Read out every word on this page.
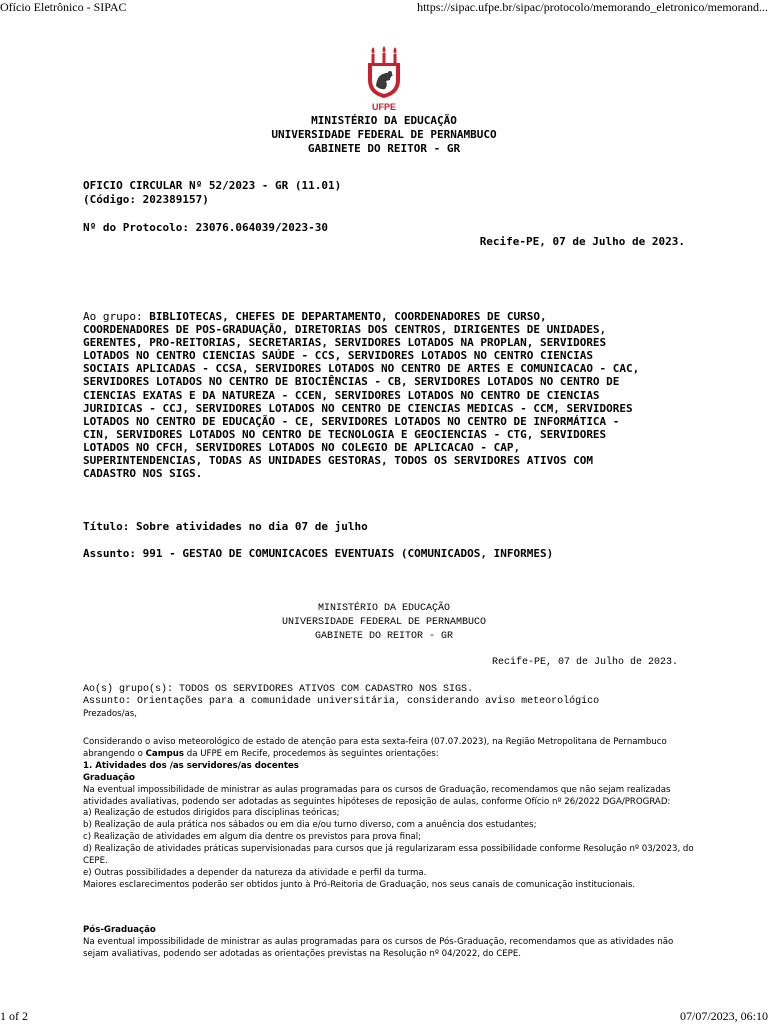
Ofício Eletrônico - SIPAC	https://sipac.ufpe.br/sipac/protocolo/memorando_eletronico/memorand...
1 of 2	07/07/2023, 06:10
UFPE
MINISTÉRIO DA EDUCAÇÃO
UNIVERSIDADE FEDERAL DE PERNAMBUCO
GABINETE DO REITOR - GR
OFICIO CIRCULAR Nº 52/2023 - GR (11.01)
(Código: 202389157)
Nº do Protocolo: 23076.064039/2023-30
Recife-PE, 07 de Julho de 2023.
Ao grupo: BIBLIOTECAS, CHEFES DE DEPARTAMENTO, COORDENADORES DE CURSO,
COORDENADORES DE POS-GRADUAÇÃO, DIRETORIAS DOS CENTROS, DIRIGENTES DE UNIDADES,
GERENTES, PRO-REITORIAS, SECRETARIAS, SERVIDORES LOTADOS NA PROPLAN, SERVIDORES
LOTADOS NO CENTRO CIENCIAS SAÚDE - CCS, SERVIDORES LOTADOS NO CENTRO CIENCIAS
SOCIAIS APLICADAS - CCSA, SERVIDORES LOTADOS NO CENTRO DE ARTES E COMUNICACAO - CAC,
SERVIDORES LOTADOS NO CENTRO DE BIOCIÊNCIAS - CB, SERVIDORES LOTADOS NO CENTRO DE
CIENCIAS EXATAS E DA NATUREZA - CCEN, SERVIDORES LOTADOS NO CENTRO DE CIENCIAS
JURIDICAS - CCJ, SERVIDORES LOTADOS NO CENTRO DE CIENCIAS MEDICAS - CCM, SERVIDORES
LOTADOS NO CENTRO DE EDUCAÇÃO - CE, SERVIDORES LOTADOS NO CENTRO DE INFORMÁTICA -
CIN, SERVIDORES LOTADOS NO CENTRO DE TECNOLOGIA E GEOCIENCIAS - CTG, SERVIDORES
LOTADOS NO CFCH, SERVIDORES LOTADOS NO COLEGIO DE APLICACAO - CAP,
SUPERINTENDENCIAS, TODAS AS UNIDADES GESTORAS, TODOS OS SERVIDORES ATIVOS COM
CADASTRO NOS SIGS.
Título: Sobre atividades no dia 07 de julho
Assunto: 991 - GESTAO DE COMUNICACOES EVENTUAIS (COMUNICADOS, INFORMES)
MINISTÉRIO DA EDUCAÇÃO
UNIVERSIDADE FEDERAL DE PERNAMBUCO
GABINETE DO REITOR - GR
Recife-PE, 07 de Julho de 2023.
Ao(s) grupo(s): TODOS OS SERVIDORES ATIVOS COM CADASTRO NOS SIGS.
Assunto: Orientações para a comunidade universitária, considerando aviso meteorológico
Prezados/as,
Considerando o aviso meteorológico de estado de atenção para esta sexta-feira (07.07.2023), na Região Metropolitana de Pernambuco
abrangendo o Campus da UFPE em Recife, procedemos às seguintes orientações:
1. Atividades dos /as servidores/as docentes
Graduação
Na eventual impossibilidade de ministrar as aulas programadas para os cursos de Graduação, recomendamos que não sejam realizadas
atividades avaliativas, podendo ser adotadas as seguintes hipóteses de reposição de aulas, conforme Ofício nº 26/2022 DGA/PROGRAD:
a) Realização de estudos dirigidos para disciplinas teóricas;
b) Realização de aula prática nos sábados ou em dia e/ou turno diverso, com a anuência dos estudantes;
c) Realização de atividades em algum dia dentre os previstos para prova final;
d) Realização de atividades práticas supervisionadas para cursos que já regularizaram essa possibilidade conforme Resolução nº 03/2023, do
CEPE.
e) Outras possibilidades a depender da natureza da atividade e perfil da turma.
Maiores esclarecimentos poderão ser obtidos junto à Pró-Reitoria de Graduação, nos seus canais de comunicação institucionais.
Pós-Graduação
Na eventual impossibilidade de ministrar as aulas programadas para os cursos de Pós-Graduação, recomendamos que as atividades não
sejam avaliativas, podendo ser adotadas as orientações previstas na Resolução nº 04/2022, do CEPE.
